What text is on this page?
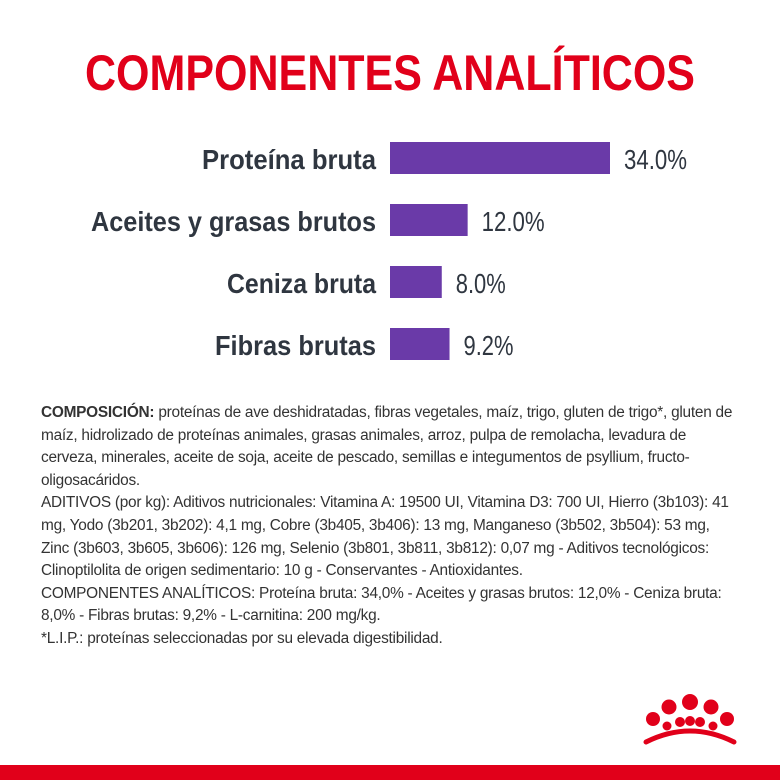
COMPONENTES ANALÍTICOS
Proteína bruta	34.0%
Aceites y grasas brutos	12.0%
Ceniza bruta	8.0%
Fibras brutas	9.2%

COMPOSICIÓN: proteínas de ave deshidratadas, fibras vegetales, maíz, trigo, gluten de trigo*, gluten de maíz, hidrolizado de proteínas animales, grasas animales, arroz, pulpa de remolacha, levadura de cerveza, minerales, aceite de soja, aceite de pescado, semillas e integumentos de psyllium, fructo-oligosacáridos.

ADITIVOS (por kg): Aditivos nutricionales: Vitamina A: 19500 UI, Vitamina D3: 700 UI, Hierro (3b103): 41 mg, Yodo (3b201, 3b202): 4,1 mg, Cobre (3b405, 3b406): 13 mg, Manganeso (3b502, 3b504): 53 mg, Zinc (3b603, 3b605, 3b606): 126 mg, Selenio (3b801, 3b811, 3b812): 0,07 mg - Aditivos tecnológicos: Clinoptilolita de origen sedimentario: 10 g - Conservantes - Antioxidantes.

COMPONENTES ANALÍTICOS: Proteína bruta: 34,0% - Aceites y grasas brutos: 12,0% - Ceniza bruta: 8,0% - Fibras brutas: 9,2% - L-carnitina: 200 mg/kg.

*L.I.P.: proteínas seleccionadas por su elevada digestibilidad.
